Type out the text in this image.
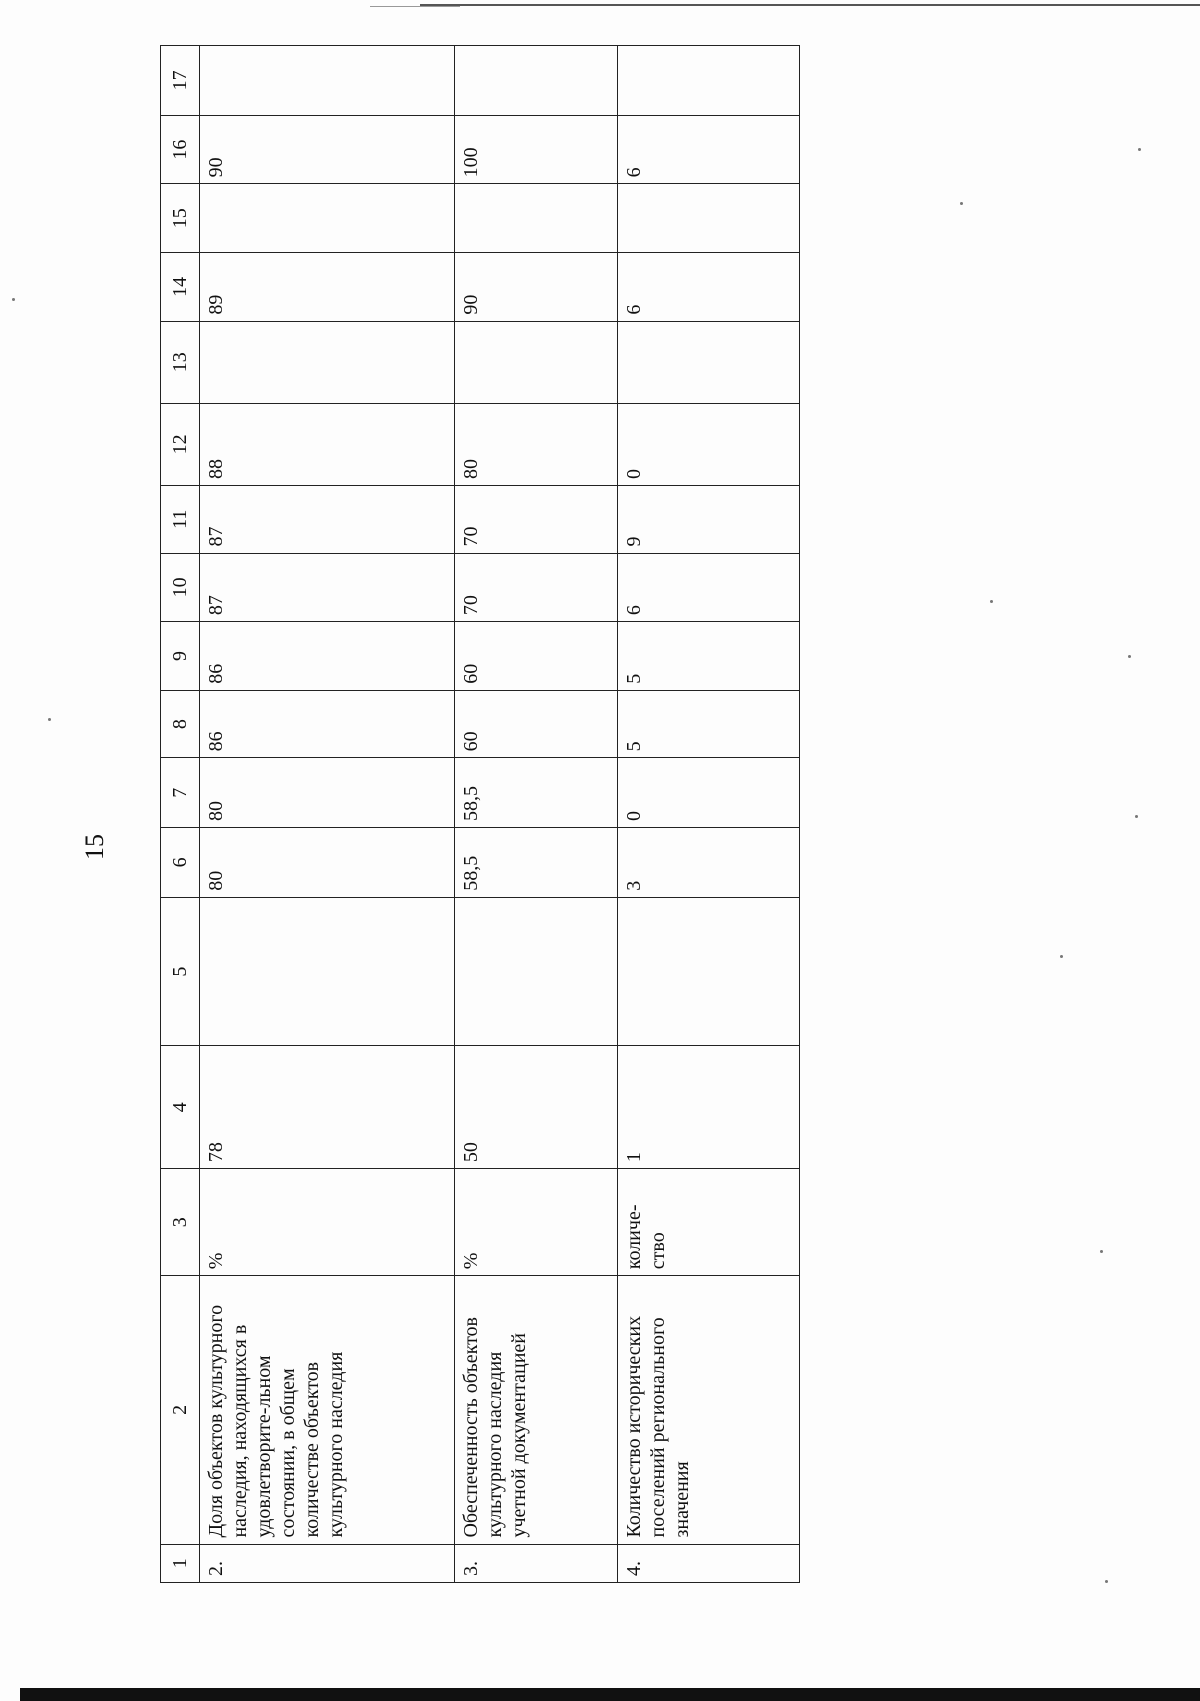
15
1	2	3	4	5	6	7	8	9	10	11	12	13	14	15	16	17
2.	Доля объектов культурного наследия, находящихся в удовлетворите-льном состоянии, в общем количестве объектов культурного наследия	%	78		80	80	86	86	87	87	88		89		90	
3.	Обеспеченность объектов культурного наследия учетной документацией	%	50		58,5	58,5	60	60	70	70	80		90		100	
4.	Количество исторических поселений регионального значения	количе-ство	1		3	0	5	5	6	9	0		6		6	
